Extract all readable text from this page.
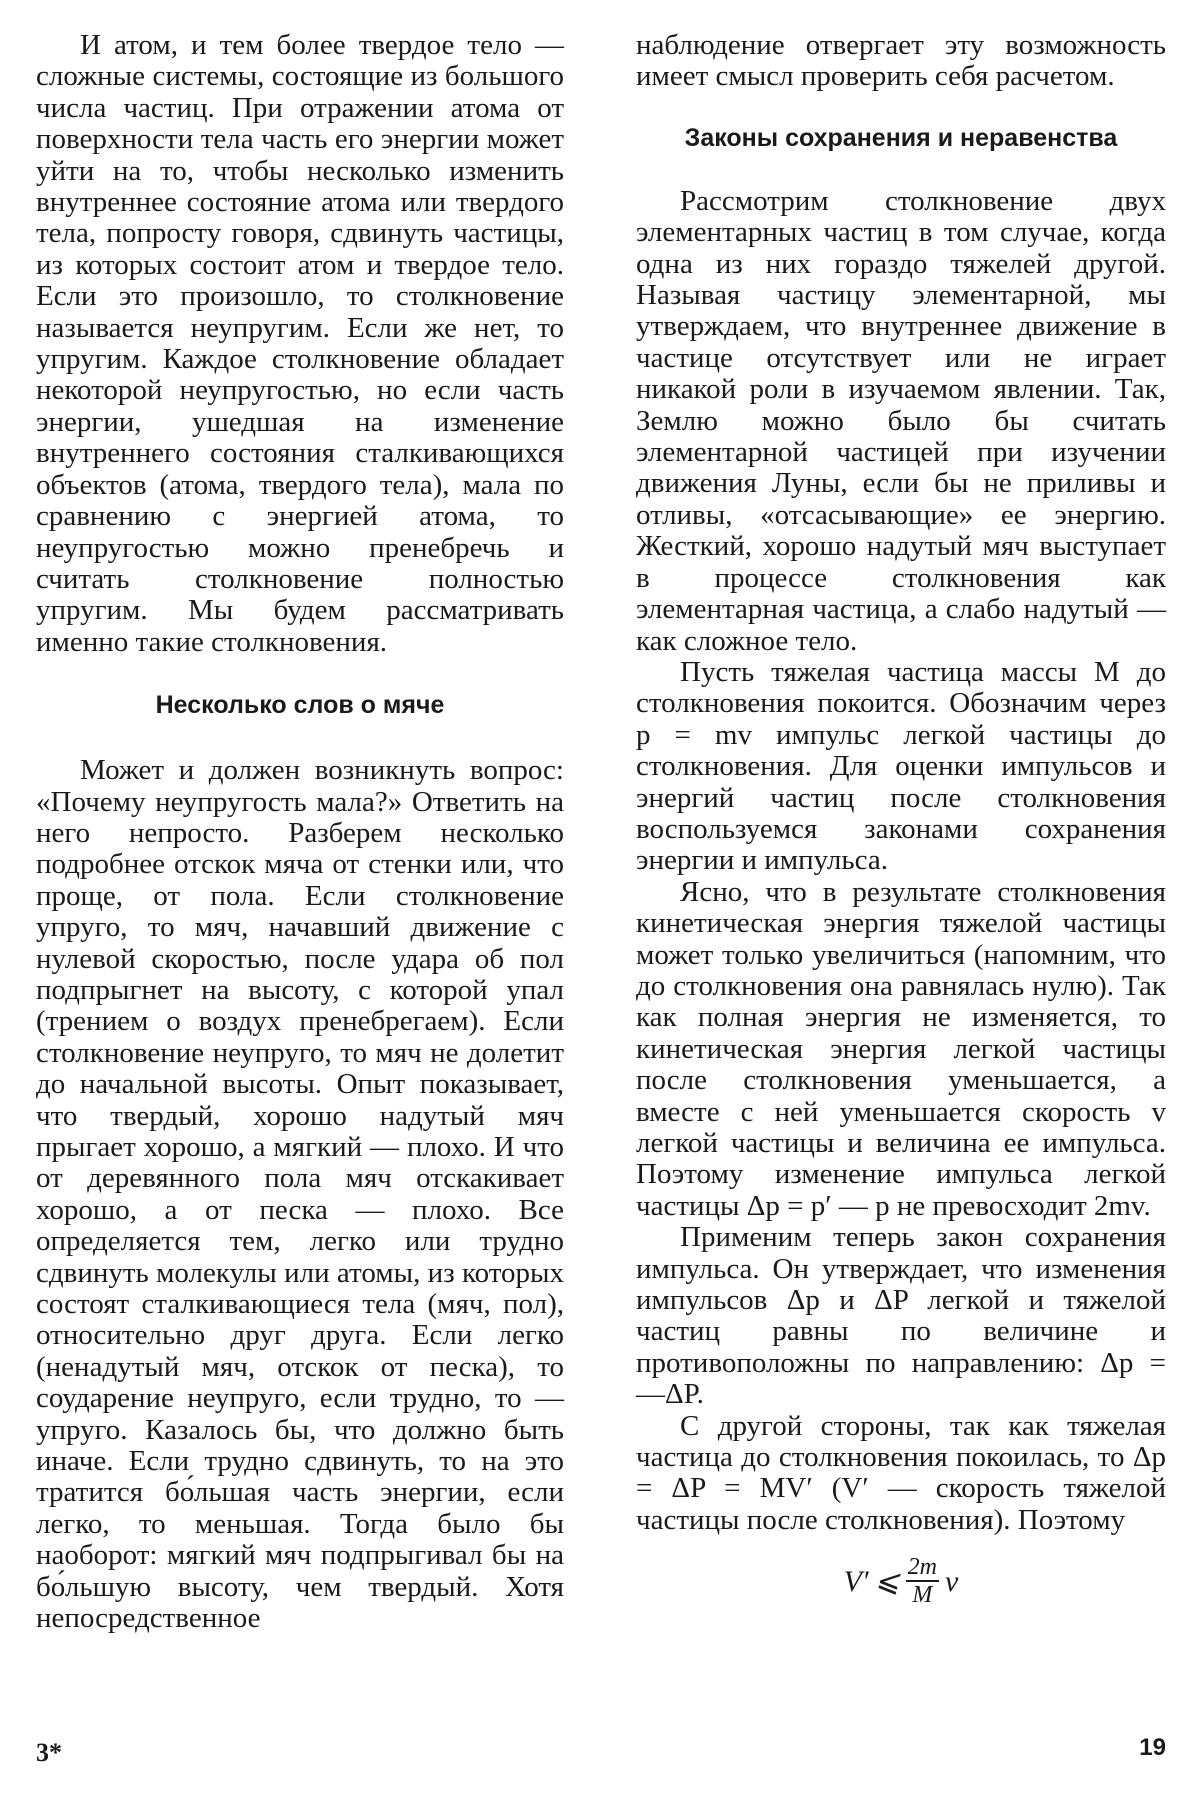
И атом, и тем более твердое тело — сложные системы, состоящие из большого числа частиц. При отражении атома от поверхности тела часть его энергии может уйти на то, чтобы несколько изменить внутреннее состояние атома или твердого тела, попросту говоря, сдвинуть частицы, из которых состоит атом и твердое тело. Если это произошло, то столкновение называется неупругим. Если же нет, то упругим. Каждое столкновение обладает некоторой неупругостью, но если часть энергии, ушедшая на изменение внутреннего состояния сталкивающихся объектов (атома, твердого тела), мала по сравнению с энергией атома, то неупругостью можно пренебречь и считать столкновение полностью упругим. Мы будем рассматривать именно такие столкновения.

Несколько слов о мяче

Может и должен возникнуть вопрос: «Почему неупругость мала?» Ответить на него непросто. Разберем несколько подробнее отскок мяча от стенки или, что проще, от пола. Если столкновение упруго, то мяч, начавший движение с нулевой скоростью, после удара об пол подпрыгнет на высоту, с которой упал (трением о воздух пренебрегаем). Если столкновение неупруго, то мяч не долетит до начальной высоты. Опыт показывает, что твердый, хорошо надутый мяч прыгает хорошо, а мягкий — плохо. И что от деревянного пола мяч отскакивает хорошо, а от песка — плохо. Все определяется тем, легко или трудно сдвинуть молекулы или атомы, из которых состоят сталкивающиеся тела (мяч, пол), относительно друг друга. Если легко (ненадутый мяч, отскок от песка), то соударение неупруго, если трудно, то — упруго. Казалось бы, что должно быть иначе. Если трудно сдвинуть, то на это тратится бо́льшая часть энергии, если легко, то меньшая. Тогда было бы наоборот: мягкий мяч подпрыгивал бы на бо́льшую высоту, чем твердый. Хотя непосредственное

наблюдение отвергает эту возможность имеет смысл проверить себя расчетом.

Законы сохранения и неравенства

Рассмотрим столкновение двух элементарных частиц в том случае, когда одна из них гораздо тяжелей другой. Называя частицу элементарной, мы утверждаем, что внутреннее движение в частице отсутствует или не играет никакой роли в изучаемом явлении. Так, Землю можно было бы считать элементарной частицей при изучении движения Луны, если бы не приливы и отливы, «отсасывающие» ее энергию. Жесткий, хорошо надутый мяч выступает в процессе столкновения как элементарная частица, а слабо надутый — как сложное тело.

Пусть тяжелая частица массы M до столкновения покоится. Обозначим через p = mv импульс легкой частицы до столкновения. Для оценки импульсов и энергий частиц после столкновения воспользуемся законами сохранения энергии и импульса.

Ясно, что в результате столкновения кинетическая энергия тяжелой частицы может только увеличиться (напомним, что до столкновения она равнялась нулю). Так как полная энергия не изменяется, то кинетическая энергия легкой частицы после столкновения уменьшается, а вместе с ней уменьшается скорость v легкой частицы и величина ее импульса. Поэтому изменение импульса легкой частицы Δp = p′ — p не превосходит 2mv.

Применим теперь закон сохранения импульса. Он утверждает, что изменения импульсов Δp и ΔP легкой и тяжелой частиц равны по величине и противоположны по направлению: Δp = —ΔP.

С другой стороны, так как тяжелая частица до столкновения покоилась, то Δp = ΔP = MV′ (V′ — скорость тяжелой частицы после столкновения). Поэтому

V′ ⩽ $\frac{2m}{M}$ v
3*	19
